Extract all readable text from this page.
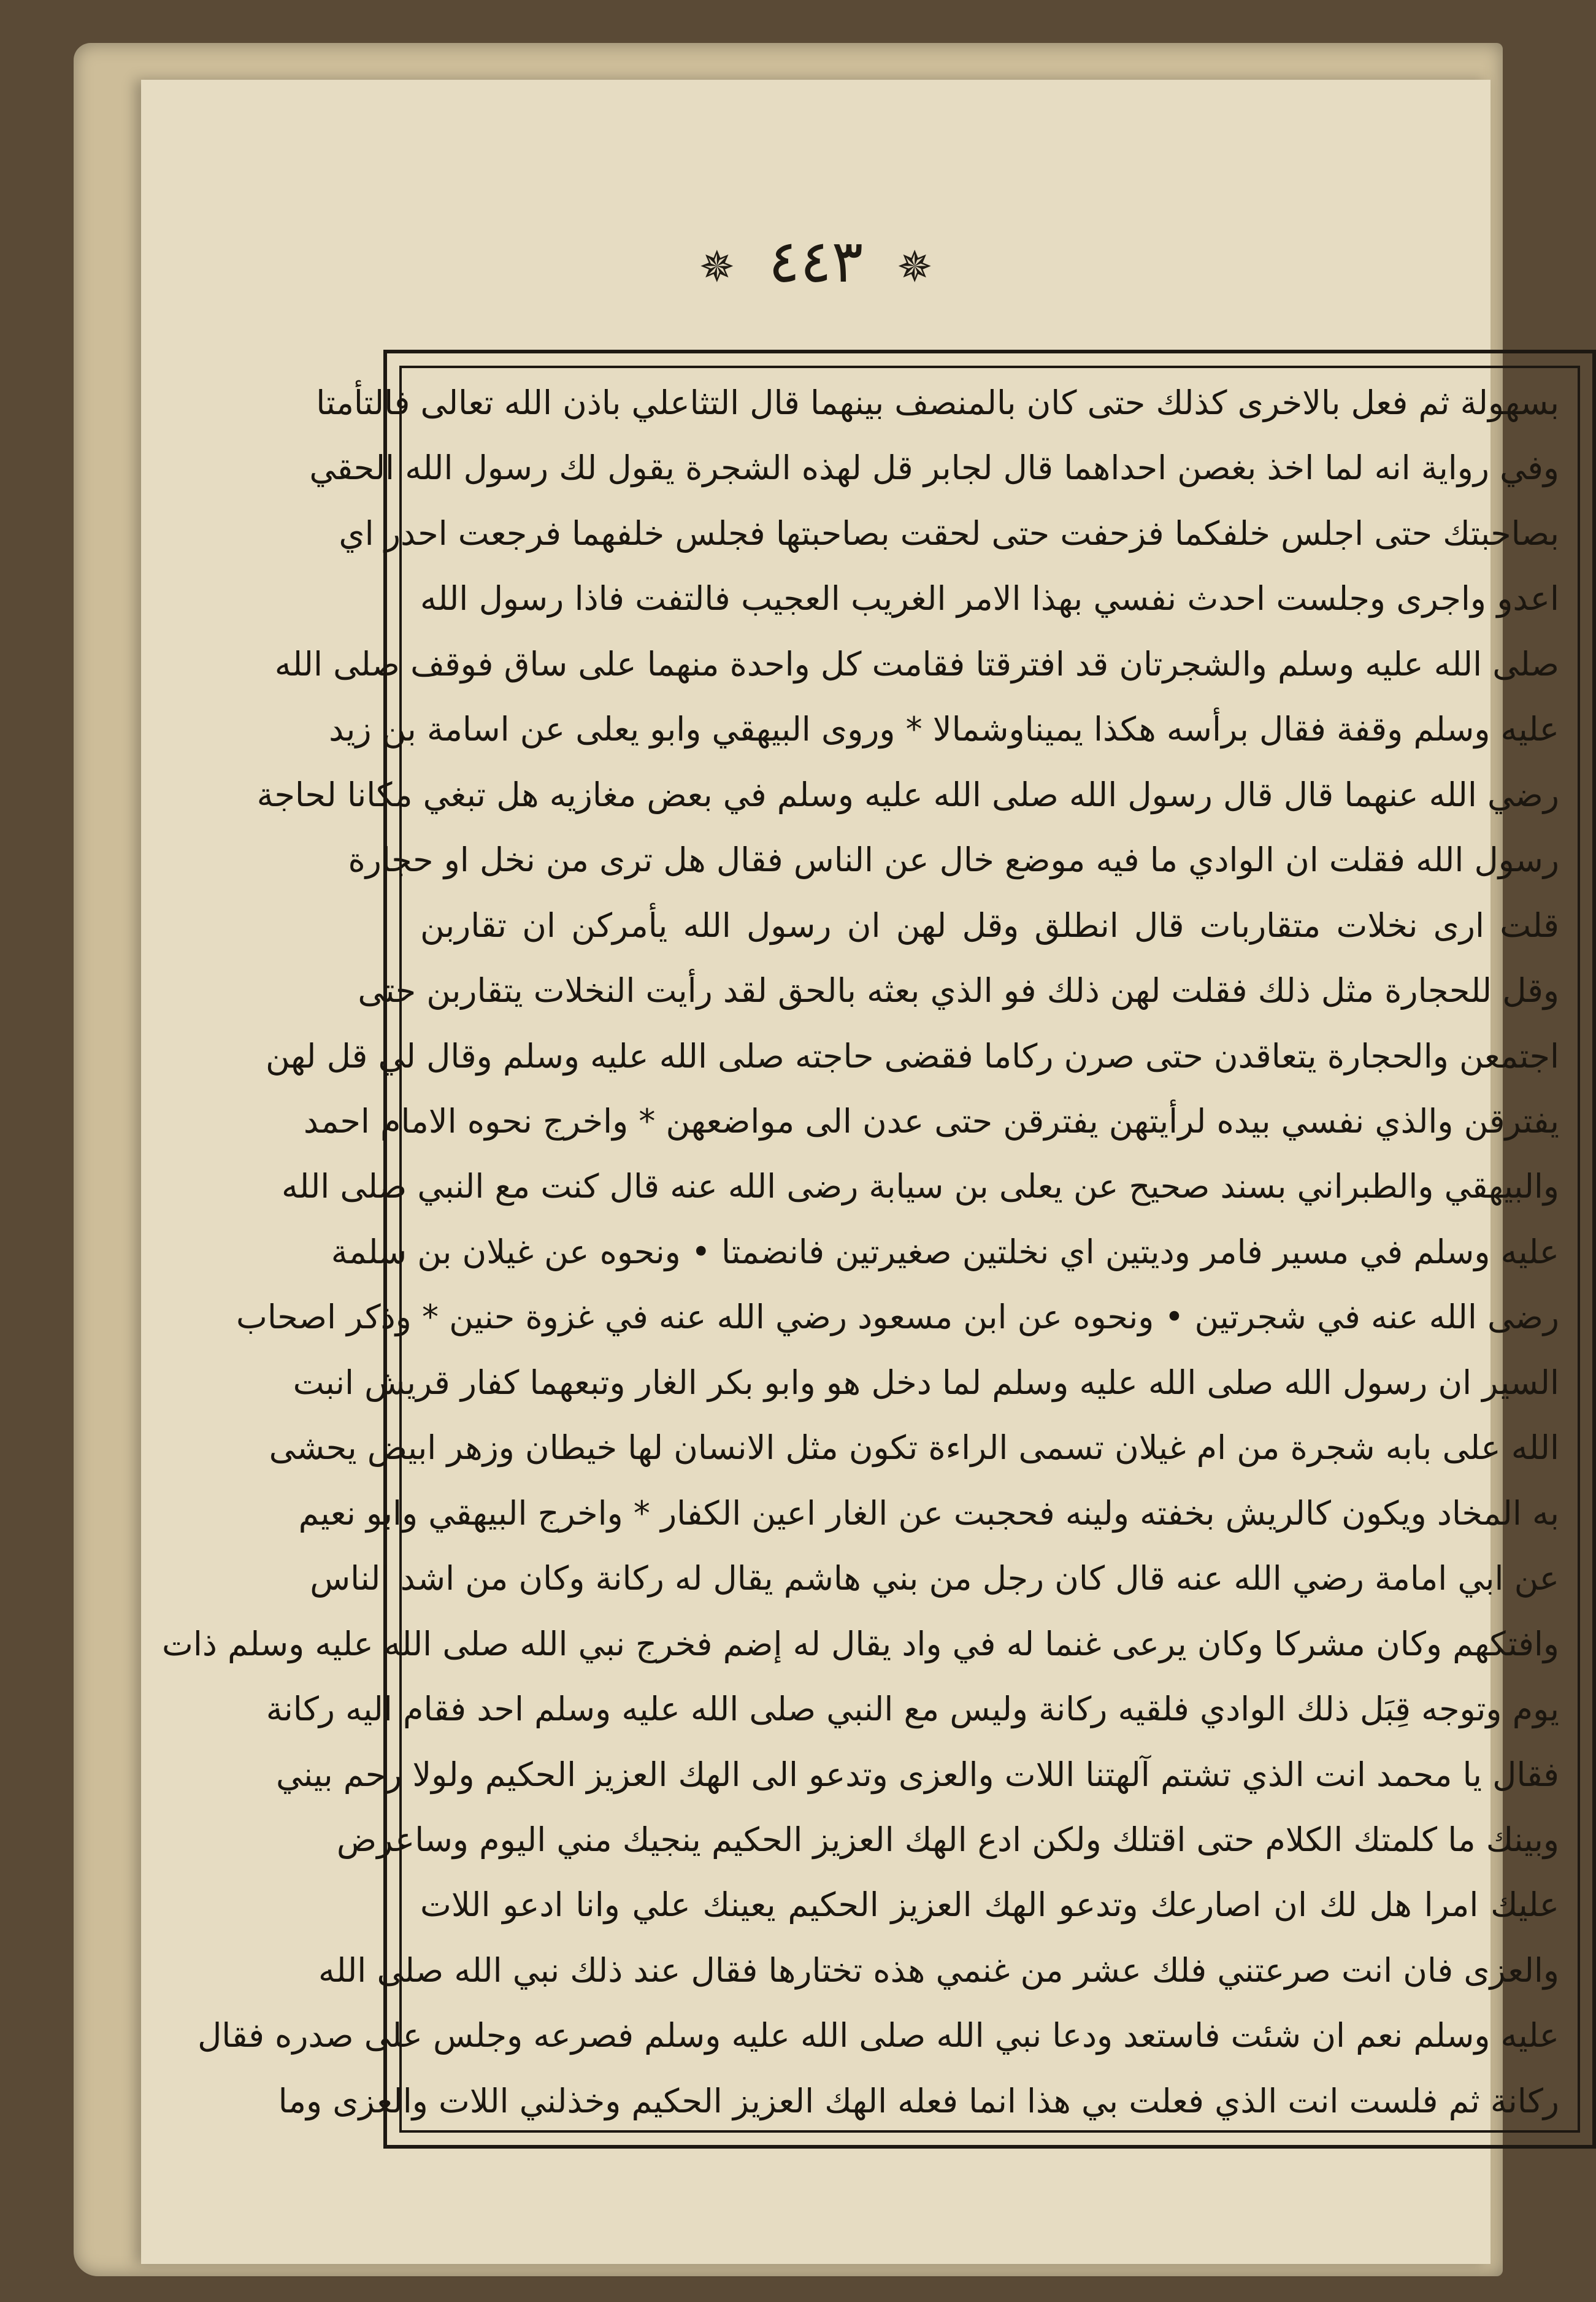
✵ ٤٤٣ ✵
بسهولة ثم فعل بالاخرى كذلك حتى كان بالمنصف بينهما قال التثاعلي باذن الله تعالى فالتأمتا
وفي رواية انه لما اخذ بغصن احداهما قال لجابر قل لهذه الشجرة يقول لك رسول الله الحقي
بصاحبتك حتى اجلس خلفكما فزحفت حتى لحقت بصاحبتها فجلس خلفهما فرجعت احدر اي
اعدو واجرى وجلست احدث نفسي بهذا الامر الغريب العجيب فالتفت فاذا رسول الله
صلى الله عليه وسلم والشجرتان قد افترقتا فقامت كل واحدة منهما على ساق فوقف صلى الله
عليه وسلم وقفة فقال برأسه هكذا يميناوشمالا * وروى البيهقي وابو يعلى عن اسامة بن زيد
رضي الله عنهما قال قال رسول الله صلى الله عليه وسلم في بعض مغازيه هل تبغي مكانا لحاجة
رسول الله فقلت ان الوادي ما فيه موضع خال عن الناس فقال هل ترى من نخل او حجارة
قلت ارى نخلات متقاربات قال انطلق وقل لهن ان رسول الله يأمركن ان تقاربن
وقل للحجارة مثل ذلك فقلت لهن ذلك فو الذي بعثه بالحق لقد رأيت النخلات يتقاربن حتى
اجتمعن والحجارة يتعاقدن حتى صرن ركاما فقضى حاجته صلى الله عليه وسلم وقال لي قل لهن
يفترقن والذي نفسي بيده لرأيتهن يفترقن حتى عدن الى مواضعهن * واخرج نحوه الامام احمد
والبيهقي والطبراني بسند صحيح عن يعلى بن سيابة رضى الله عنه قال كنت مع النبي صلى الله
عليه وسلم في مسير فامر وديتين اي نخلتين صغيرتين فانضمتا • ونحوه عن غيلان بن سلمة
رضى الله عنه في شجرتين • ونحوه عن ابن مسعود رضي الله عنه في غزوة حنين * وذكر اصحاب
السير ان رسول الله صلى الله عليه وسلم لما دخل هو وابو بكر الغار وتبعهما كفار قريش انبت
الله على بابه شجرة من ام غيلان تسمى الراءة تكون مثل الانسان لها خيطان وزهر ابيض يحشى
به المخاد ويكون كالريش بخفته ولينه فحجبت عن الغار اعين الكفار * واخرج البيهقي وابو نعيم
عن ابي امامة رضي الله عنه قال كان رجل من بني هاشم يقال له ركانة وكان من اشد الناس
وافتكهم وكان مشركا وكان يرعى غنما له في واد يقال له إضم فخرج نبي الله صلى الله عليه وسلم ذات
يوم وتوجه قِبَل ذلك الوادي فلقيه ركانة وليس مع النبي صلى الله عليه وسلم احد فقام اليه ركانة
فقال يا محمد انت الذي تشتم آلهتنا اللات والعزى وتدعو الى الهك العزيز الحكيم ولولا رحم بيني
وبينك ما كلمتك الكلام حتى اقتلك ولكن ادع الهك العزيز الحكيم ينجيك مني اليوم وساعرض
عليك امرا هل لك ان اصارعك وتدعو الهك العزيز الحكيم يعينك علي وانا ادعو اللات
والعزى فان انت صرعتني فلك عشر من غنمي هذه تختارها فقال عند ذلك نبي الله صلى الله
عليه وسلم نعم ان شئت فاستعد ودعا نبي الله صلى الله عليه وسلم فصرعه وجلس على صدره فقال
ركانة ثم فلست انت الذي فعلت بي هذا انما فعله الهك العزيز الحكيم وخذلني اللات والعزى وما
